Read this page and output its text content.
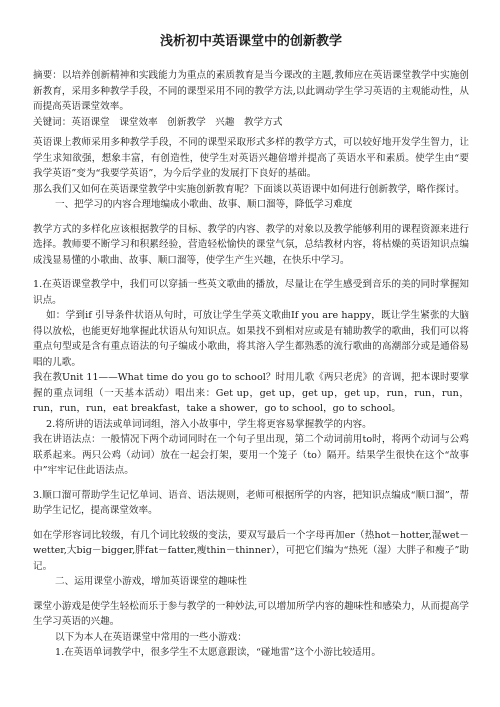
浅析初中英语课堂中的创新教学

摘要：以培养创新精神和实践能力为重点的素质教育是当今课改的主题,教师应在英语课堂教学中实施创新教育，采用多种教学手段，不同的课型采用不同的教学方法,以此调动学生学习英语的主观能动性，从而提高英语课堂效率。

关键词：英语课堂　课堂效率　创新教学　兴趣　教学方式

英语课上教师采用多种教学手段，不同的课型采取形式多样的教学方式，可以较好地开发学生智力，让学生求知欲强，想象丰富，有创造性，使学生对英语兴趣倍增并提高了英语水平和素质。使学生由“要我学英语”变为“我要学英语”，为今后学业的发展打下良好的基础。

那么我们又如何在英语课堂教学中实施创新教育呢？下面谈以英语课中如何进行创新教学，略作探讨。

一、把学习的内容合理地编成小歌曲、故事、顺口溜等，降低学习难度

教学方式的多样化应该根据教学的目标、教学的内容、教学的对象以及教学能够利用的课程资源来进行选择。教师要不断学习和积累经验，营造轻松愉快的课堂气氛，总结教材内容，将枯燥的英语知识点编成浅显易懂的小歌曲、故事、顺口溜等，使学生产生兴趣，在快乐中学习。

1.在英语课堂教学中，我们可以穿插一些英文歌曲的播放，尽量让在学生感受到音乐的美的同时掌握知识点。

如：学到if 引导条件状语从句时，可放让学生学英文歌曲If you are happy，既让学生紧张的大脑得以放松，也能更好地掌握此状语从句知识点。如果找不到相对应或是有辅助教学的歌曲，我们可以将重点句型或是含有重点语法的句子编成小歌曲，将其溶入学生都熟悉的流行歌曲的高潮部分或是通俗易唱的儿歌。

我在教Unit 11——What time do you go to school？时用儿歌《两只老虎》的音调，把本课时要掌握的重点词组（一天基本活动）唱出来：Get up，get up，get up，get up，run，run，run，run，run，run，eat breakfast，take a shower，go to school，go to school。

2.将所讲的语法或单词词组，溶入小故事中，学生将更容易掌握教学的内容。

我在讲语法点：一般情况下两个动词同时在一个句子里出现，第二个动词前用to时，将两个动词与公鸡联系起来。两只公鸡（动词）放在一起会打架，要用一个笼子（to）隔开。结果学生很快在这个“故事中”牢牢记住此语法点。

3.顺口溜可帮助学生记忆单词、语音、语法规则，老师可根据所学的内容，把知识点编成“顺口溜”，帮助学生记忆，提高课堂效率。

如在学形容词比较级，有几个词比较级的变法，要双写最后一个字母再加er（热hot－hotter,湿wet－wetter,大big－bigger,胖fat－fatter,瘦thin－thinner），可把它们编为“热死（湿）大胖子和瘦子”助记。

二、运用课堂小游戏，增加英语课堂的趣味性

课堂小游戏是使学生轻松而乐于参与教学的一种妙法,可以增加所学内容的趣味性和感染力，从而提高学生学习英语的兴趣。

以下为本人在英语课堂中常用的一些小游戏：

1.在英语单词教学中，很多学生不太愿意跟读，“碰地雷”这个小游比较适用。
